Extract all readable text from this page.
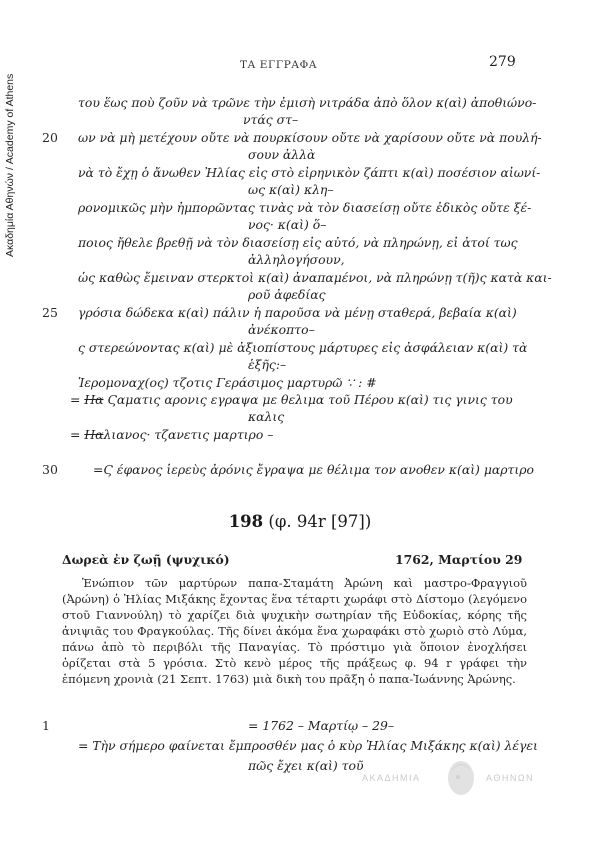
Ακαδημία Αθηνών / Academy of Athens
ΤΑ ΕΓΓΡΑΦΑ	279
του ἕως ποὺ ζοῦν νὰ τρῶνε τὴν ἐμισὴ νιτράδα ἀπὸ ὅλον κ(αὶ) ἀποθιώνο-
ντάς στ–
20 ων νὰ μὴ μετέχουν οὔτε νὰ πουρκίσουν οὔτε νὰ χαρίσουν οὔτε νὰ πουλή-
σουν ἀλλὰ
νὰ τὸ ἔχῃ ὁ ἄνωθεν Ἠλίας εἰς στὸ εἰρηνικὸν ζάπτι κ(αὶ) ποσέσιον αἰωνί-
ως κ(αὶ) κλη–
ρονομικῶς μὴν ἠμπορῶντας τινὰς νὰ τὸν διασείσῃ οὔτε ἐδικὸς οὔτε ξέ-
νος· κ(αὶ) ὅ–
ποιος ἤθελε βρεθῇ νὰ τὸν διασείσῃ εἰς αὐτό, νὰ πληρώνῃ, εἰ ἀτοί τως
ἀλληλογήσουν,
ὡς καθὼς ἔμειναν στερκτοὶ κ(αὶ) ἀναπαμένοι, νὰ πληρώνῃ τ(ῆ)ς κατὰ και-
ροῦ ἀφεδίας
25 γρόσια δώδεκα κ(αὶ) πάλιν ἡ παροῦσα νὰ μένῃ σταθερά, βεβαία κ(αὶ)
ἀνέκοπτο–
ς στερεώνοντας κ(αὶ) μὲ ἀξιοπίστους μάρτυρες εἰς ἀσφάλειαν κ(αὶ) τὰ
ἑξῆς:–
Ἱερομοναχ(ος) τζοτις Γεράσιμος μαρτυρῶ ∵ : #
= Ηα Ϛαματις αρονις εγραψα με θελιμα τοῦ Πέρου κ(αὶ) τις γινις του
καλις
= Ηαλιανος· τζανετις μαρτιρο –
30	=Ϛ έφανος ἱερεὺς ἀρόνις ἔγραψα με θέλιμα τον ανοθεν κ(αὶ) μαρτιρο
198 (φ. 94r [97])
Δωρεὰ ἐν ζωῇ (ψυχικό)	1762, Μαρτίου 29

Ἐνώπιον τῶν μαρτύρων παπα-Σταμάτη Ἀρώνη καὶ μαστρο-Φραγγιοῦ (Ἀρώνη) ὁ Ἠλίας Μιξάκης ἔχοντας ἕνα τέταρτι χωράφι στὸ Δίστομο (λεγόμενο στοῦ Γιαννούλη) τὸ χαρίζει διὰ ψυχικὴν σωτηρίαν τῆς Εὐδοκίας, κόρης τῆς ἀνιψιᾶς του Φραγκούλας. Τῆς δίνει ἀκόμα ἕνα χωραφάκι στὸ χωριὸ στὸ Λύμα, πάνω ἀπὸ τὸ περιβόλι τῆς Παναγίας. Τὸ πρόστιμο γιὰ ὅποιον ἐνοχλήσει ὁρίζεται στὰ 5 γρόσια. Στὸ κενὸ μέρος τῆς πράξεως φ. 94 r γράφει τὴν ἑπόμενη χρονιὰ (21 Σεπτ. 1763) μιὰ δικὴ του πρᾶξη ὁ παπα-Ἰωάννης Ἀρώνης.

1	= 1762 – Μαρτίῳ – 29–
= Τὴν σήμερο φαίνεται ἔμπροσθέν μας ὁ κὺρ Ἠλίας Μιξάκης κ(αὶ) λέγει
πῶς ἔχει κ(αὶ) τοῦ
ΑΚΑΔΗΜΙΑ	ΑΘΗΝΩΝ
